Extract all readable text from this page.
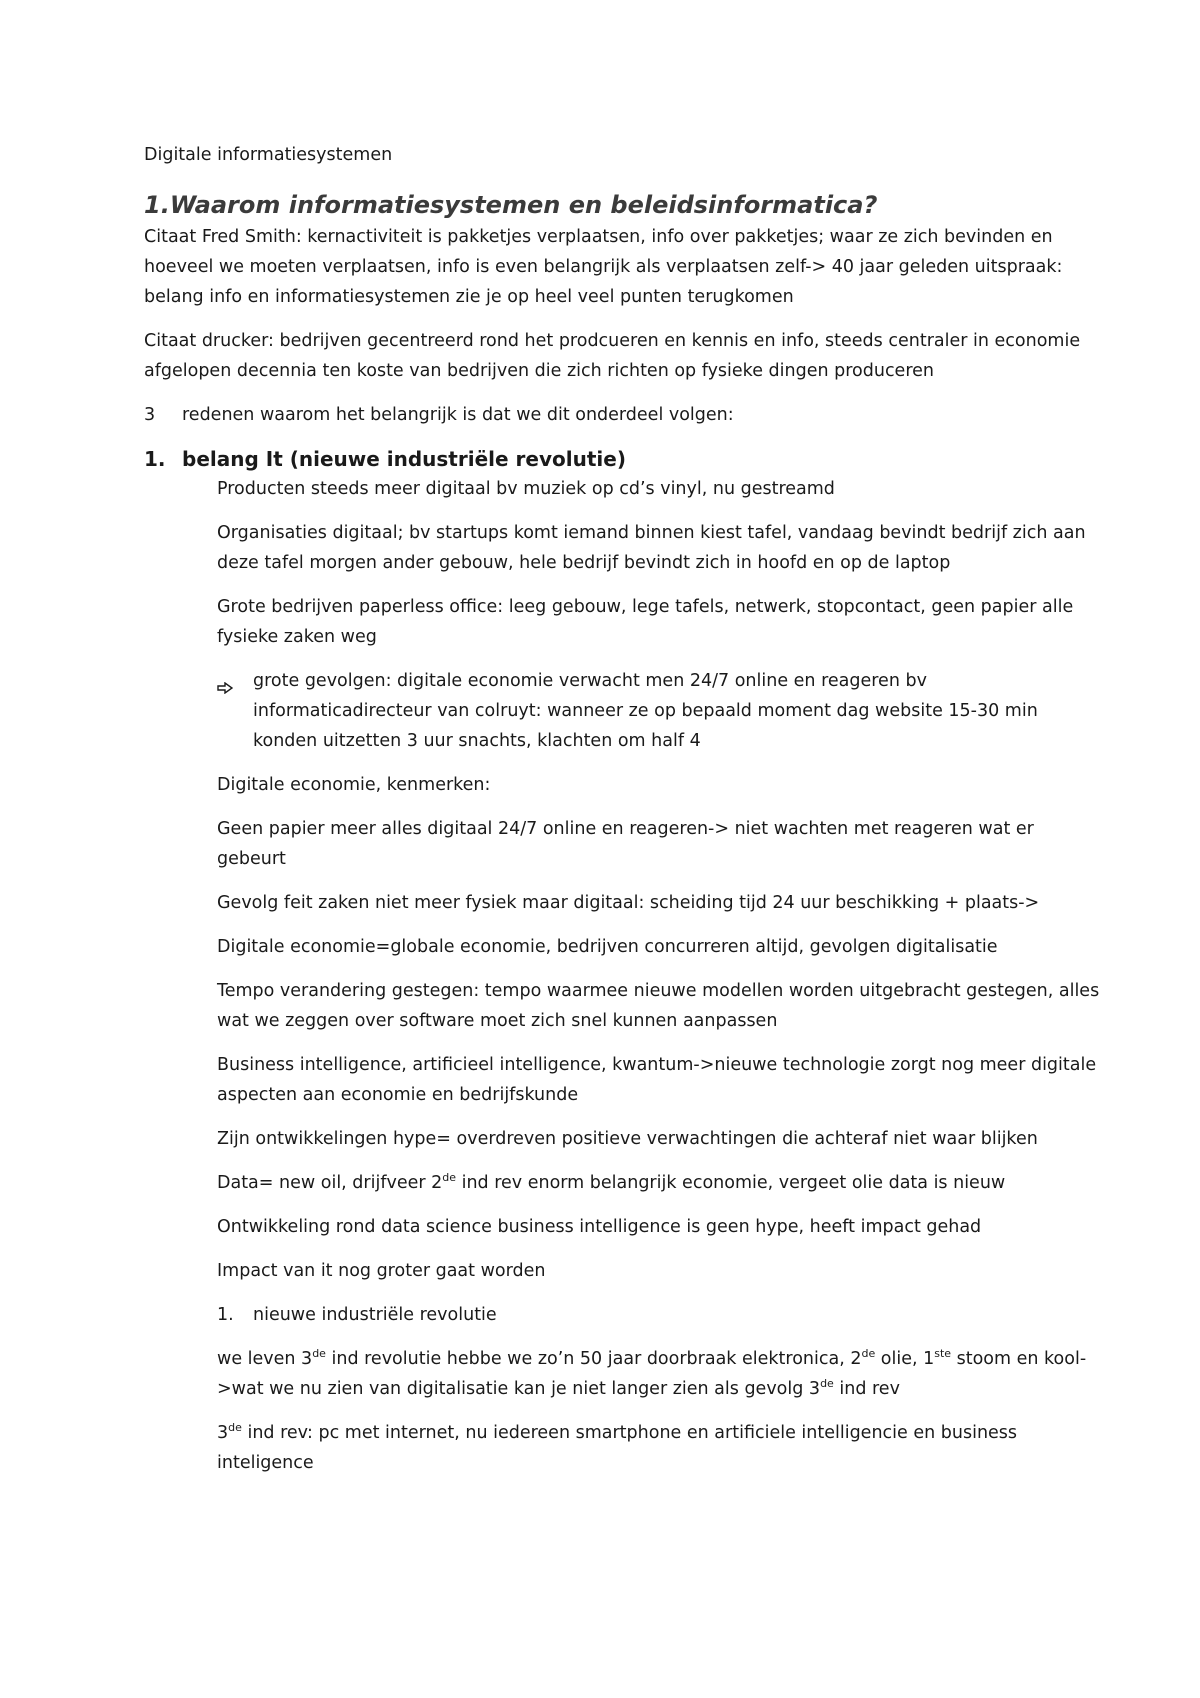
Digitale informatiesystemen

1.Waarom informatiesystemen en beleidsinformatica?

Citaat Fred Smith: kernactiviteit is pakketjes verplaatsen, info over pakketjes; waar ze zich bevinden en hoeveel we moeten verplaatsen, info is even belangrijk als verplaatsen zelf-> 40 jaar geleden uitspraak: belang info en informatiesystemen zie je op heel veel punten terugkomen

Citaat drucker: bedrijven gecentreerd rond het prodcueren en kennis en info, steeds centraler in economie afgelopen decennia ten koste van bedrijven die zich richten op fysieke dingen produceren

3	redenen waarom het belangrijk is dat we dit onderdeel volgen:
1. belang It (nieuwe industriële revolutie)

Producten steeds meer digitaal bv muziek op cd’s vinyl, nu gestreamd

Organisaties digitaal; bv startups komt iemand binnen kiest tafel, vandaag bevindt bedrijf zich aan deze tafel morgen ander gebouw, hele bedrijf bevindt zich in hoofd en op de laptop

Grote bedrijven paperless office: leeg gebouw, lege tafels, netwerk, stopcontact, geen papier alle fysieke zaken weg

grote gevolgen: digitale economie verwacht men 24/7 online en reageren bv informaticadirecteur van colruyt: wanneer ze op bepaald moment dag website 15-30 min konden uitzetten 3 uur snachts, klachten om half 4

Digitale economie, kenmerken:

Geen papier meer alles digitaal 24/7 online en reageren-> niet wachten met reageren wat er gebeurt

Gevolg feit zaken niet meer fysiek maar digitaal: scheiding tijd 24 uur beschikking + plaats->

Digitale economie=globale economie, bedrijven concurreren altijd, gevolgen digitalisatie

Tempo verandering gestegen: tempo waarmee nieuwe modellen worden uitgebracht gestegen, alles wat we zeggen over software moet zich snel kunnen aanpassen

Business intelligence, artificieel intelligence, kwantum->nieuwe technologie zorgt nog meer digitale aspecten aan economie en bedrijfskunde

Zijn ontwikkelingen hype= overdreven positieve verwachtingen die achteraf niet waar blijken

Data= new oil, drijfveer 2de ind rev enorm belangrijk economie, vergeet olie data is nieuw

Ontwikkeling rond data science business intelligence is geen hype, heeft impact gehad

Impact van it nog groter gaat worden

1.	nieuwe industriële revolutie

we leven 3de ind revolutie hebbe we zo’n 50 jaar doorbraak elektronica, 2de olie, 1ste stoom en kool->wat we nu zien van digitalisatie kan je niet langer zien als gevolg 3de ind rev

3de ind rev: pc met internet, nu iedereen smartphone en artificiele intelligencie en business inteligence
